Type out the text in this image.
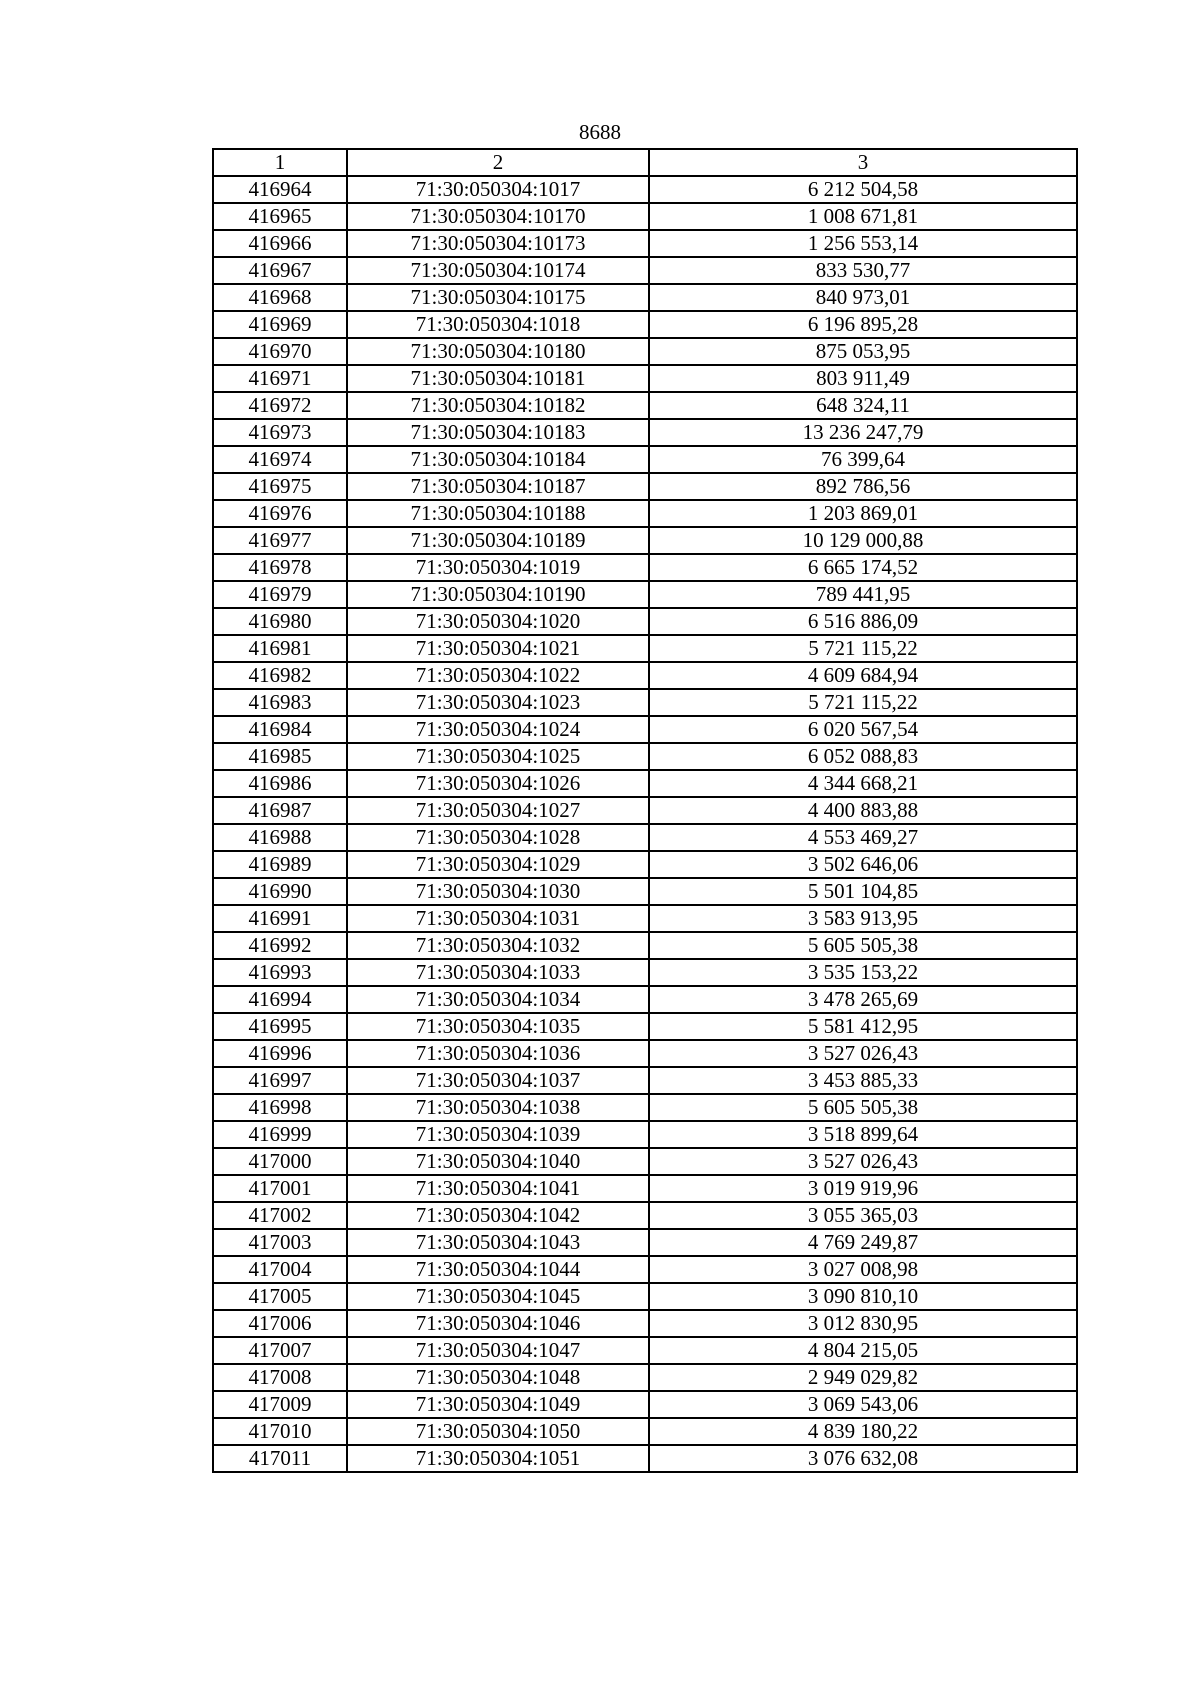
8688
1	2	3
416964	71:30:050304:1017	6 212 504,58
416965	71:30:050304:10170	1 008 671,81
416966	71:30:050304:10173	1 256 553,14
416967	71:30:050304:10174	833 530,77
416968	71:30:050304:10175	840 973,01
416969	71:30:050304:1018	6 196 895,28
416970	71:30:050304:10180	875 053,95
416971	71:30:050304:10181	803 911,49
416972	71:30:050304:10182	648 324,11
416973	71:30:050304:10183	13 236 247,79
416974	71:30:050304:10184	76 399,64
416975	71:30:050304:10187	892 786,56
416976	71:30:050304:10188	1 203 869,01
416977	71:30:050304:10189	10 129 000,88
416978	71:30:050304:1019	6 665 174,52
416979	71:30:050304:10190	789 441,95
416980	71:30:050304:1020	6 516 886,09
416981	71:30:050304:1021	5 721 115,22
416982	71:30:050304:1022	4 609 684,94
416983	71:30:050304:1023	5 721 115,22
416984	71:30:050304:1024	6 020 567,54
416985	71:30:050304:1025	6 052 088,83
416986	71:30:050304:1026	4 344 668,21
416987	71:30:050304:1027	4 400 883,88
416988	71:30:050304:1028	4 553 469,27
416989	71:30:050304:1029	3 502 646,06
416990	71:30:050304:1030	5 501 104,85
416991	71:30:050304:1031	3 583 913,95
416992	71:30:050304:1032	5 605 505,38
416993	71:30:050304:1033	3 535 153,22
416994	71:30:050304:1034	3 478 265,69
416995	71:30:050304:1035	5 581 412,95
416996	71:30:050304:1036	3 527 026,43
416997	71:30:050304:1037	3 453 885,33
416998	71:30:050304:1038	5 605 505,38
416999	71:30:050304:1039	3 518 899,64
417000	71:30:050304:1040	3 527 026,43
417001	71:30:050304:1041	3 019 919,96
417002	71:30:050304:1042	3 055 365,03
417003	71:30:050304:1043	4 769 249,87
417004	71:30:050304:1044	3 027 008,98
417005	71:30:050304:1045	3 090 810,10
417006	71:30:050304:1046	3 012 830,95
417007	71:30:050304:1047	4 804 215,05
417008	71:30:050304:1048	2 949 029,82
417009	71:30:050304:1049	3 069 543,06
417010	71:30:050304:1050	4 839 180,22
417011	71:30:050304:1051	3 076 632,08
